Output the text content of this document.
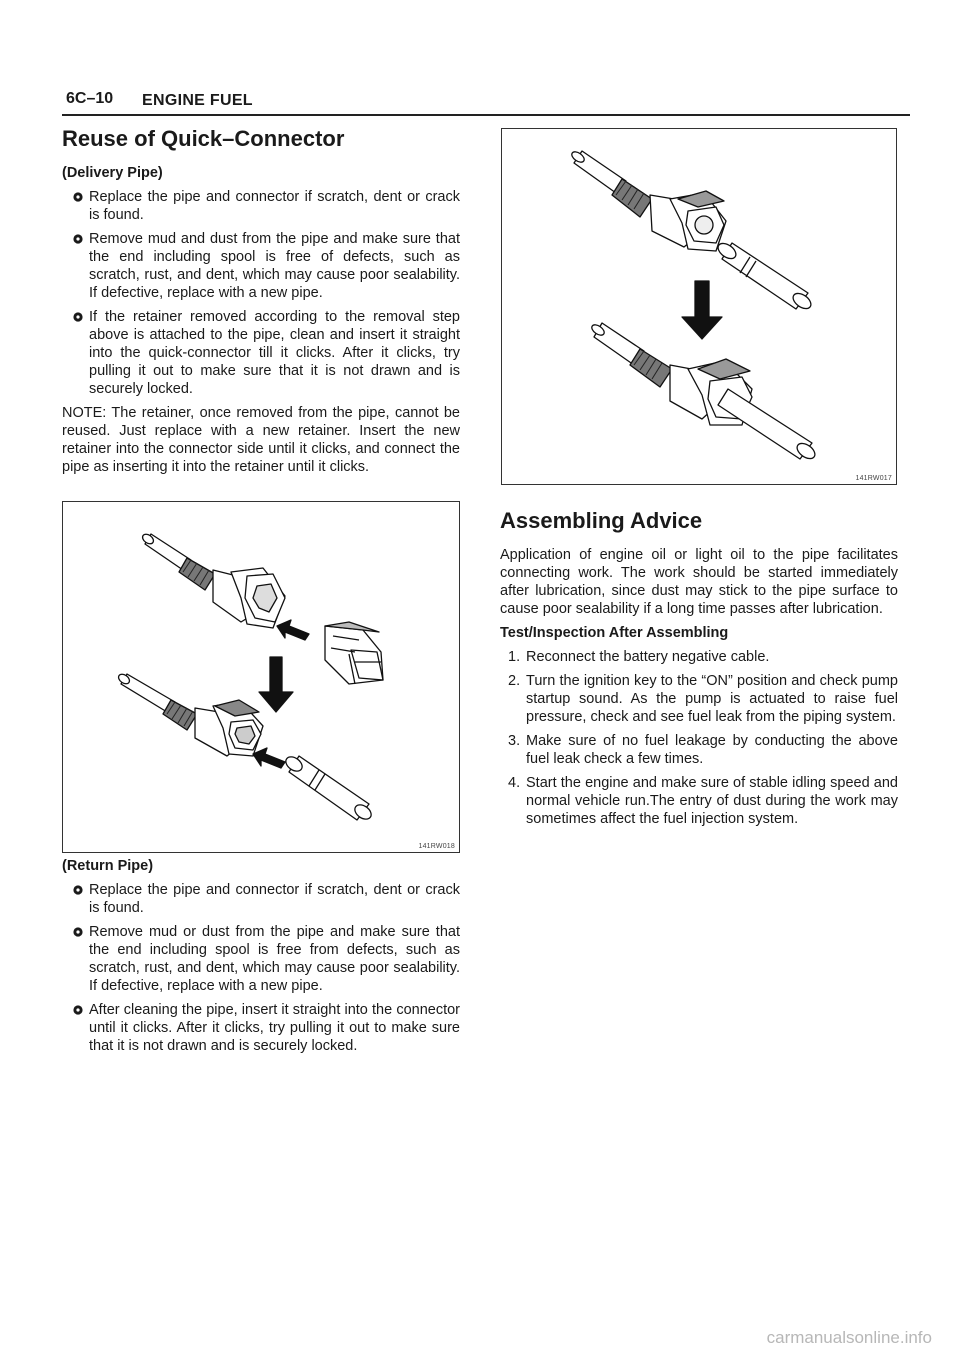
6C–10 ENGINE FUEL
Reuse of Quick–Connector
(Delivery Pipe)
Replace the pipe and connector if scratch, dent or crack is found.
Remove mud and dust from the pipe and make sure that the end including spool is free of defects, such as scratch, rust, and dent, which may cause poor sealability. If defective, replace with a new pipe.
If the retainer removed according to the removal step above is attached to the pipe, clean and insert it straight into the quick-connector till it clicks. After it clicks, try pulling it out to make sure that it is not drawn and is securely locked.
NOTE: The retainer, once removed from the pipe, cannot be reused. Just replace with a new retainer. Insert the new retainer into the connector side until it clicks, and connect the pipe as inserting it into the retainer until it clicks.
(Return Pipe)
Replace the pipe and connector if scratch, dent or crack is found.
Remove mud or dust from the pipe and make sure that the end including spool is free from defects, such as scratch, rust, and dent, which may cause poor sealability. If defective, replace with a new pipe.
After cleaning the pipe, insert it straight into the connector until it clicks. After it clicks, try pulling it out to make sure that it is not drawn and is securely locked.
141RW018
141RW017
Assembling Advice
Application of engine oil or light oil to the pipe facilitates connecting work. The work should be started immediately after lubrication, since dust may stick to the pipe surface to cause poor sealability if a long time passes after lubrication.
Test/Inspection After Assembling
1. Reconnect the battery negative cable.
2. Turn the ignition key to the “ON” position and check pump startup sound. As the pump is actuated to raise fuel pressure, check and see fuel leak from the piping system.
3. Make sure of no fuel leakage by conducting the above fuel leak check a few times.
4. Start the engine and make sure of stable idling speed and normal vehicle run.The entry of dust during the work may sometimes affect the fuel injection system.
carmanualsonline.info
